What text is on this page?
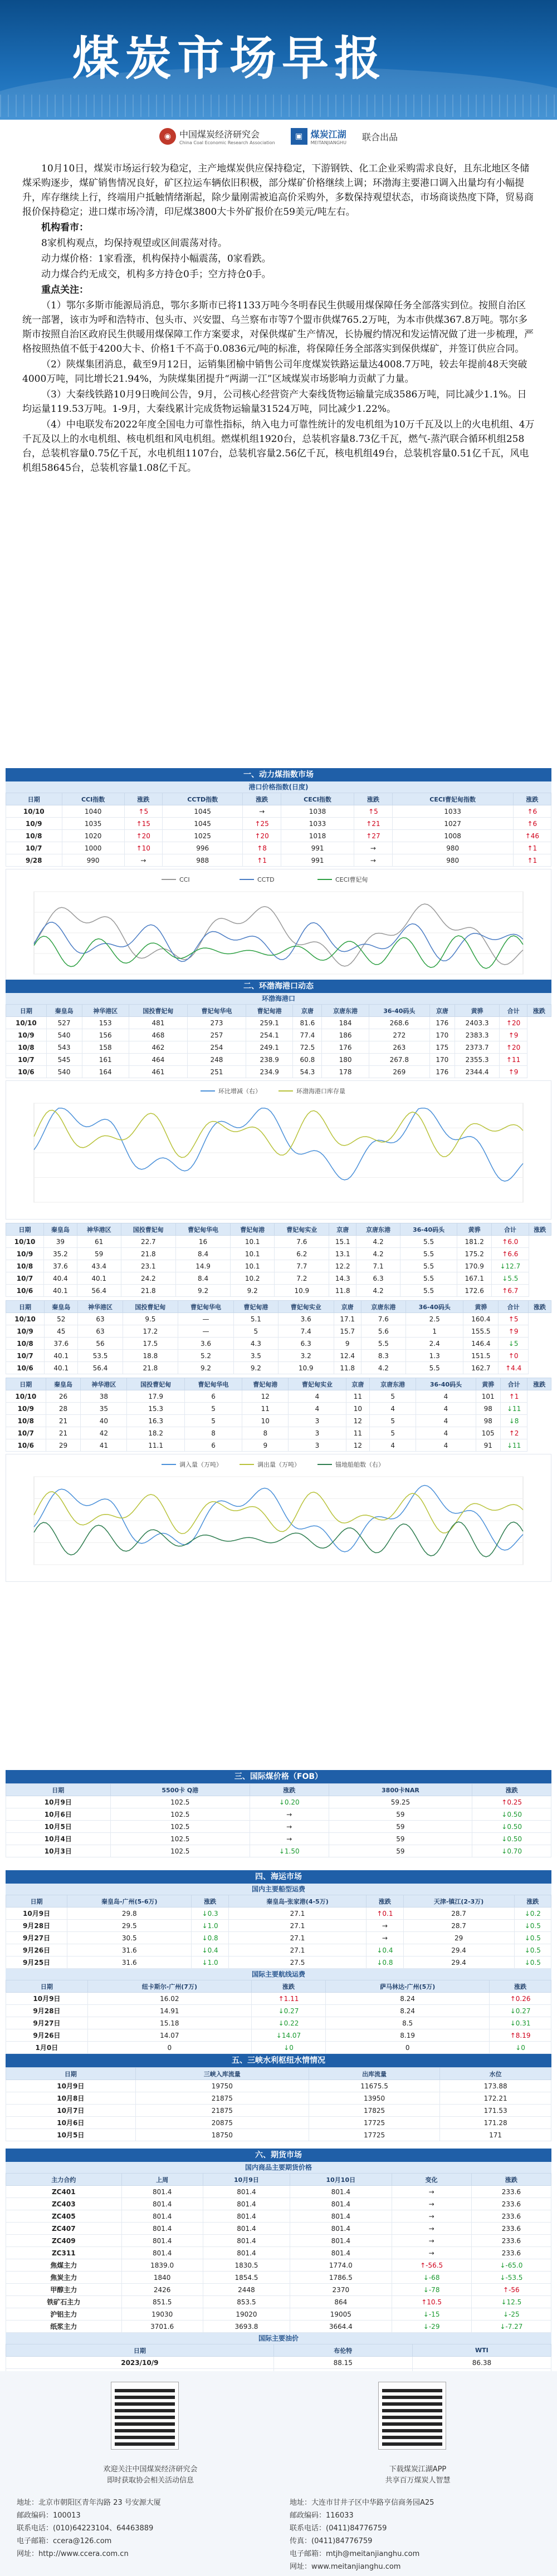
煤炭市场早报
◉ 中国煤炭经济研究会
China Coal Economic Research Association
▣ 煤炭江湖
MEITANJIANGHU
联合出品

10月10日，煤炭市场运行较为稳定，主产地煤炭供应保持稳定，下游钢铁、化工企业采购需求良好，且东北地区冬储煤采购逐步，煤矿销售情况良好，矿区拉运车辆依旧积极，部分煤矿价格继续上调；环渤海主要港口调入出量均有小幅提升，库存继续上行，终端用户抵触情绪渐起，除少量刚需被追高价采购外，多数保持观望状态，市场商谈热度下降，贸易商报价保持稳定；进口煤市场冷清，印尼煤3800大卡外矿报价在59美元/吨左右。

机构看市：

8家机构观点，均保持观望或区间震荡对待。

动力煤价格：1家看涨，机构保持小幅震荡，0家看跌。

动力煤合约无成交，机构多方持仓0手；空方持仓0手。

重点关注：

（1）鄂尔多斯市能源局消息，鄂尔多斯市已将1133万吨今冬明春民生供暖用煤保障任务全部落实到位。按照自治区统一部署，该市为呼和浩特市、包头市、兴安盟、乌兰察布市等7个盟市供煤765.2万吨，为本市供煤367.8万吨。鄂尔多斯市按照自治区政府民生供暖用煤保障工作方案要求，对保供煤矿生产情况，长协履约情况和发运情况做了进一步梳理，严格按照热值不低于4200大卡、价格1千不高于0.0836元/吨的标准，将保障任务全部落实到保供煤矿，并签订供应合同。

（2）陕煤集团消息，截至9月12日，运销集团榆中销售公司年度煤炭铁路运量达4008.7万吨，较去年提前48天突破4000万吨，同比增长21.94%，为陕煤集团提升“两湖一江”区域煤炭市场影响力贡献了力量。

（3）大秦线铁路10月9日晚间公告，9月，公司核心经营资产大秦线货物运输量完成3586万吨，同比减少1.1%。日均运量119.53万吨。1-9月，大秦线累计完成货物运输量31524万吨，同比减少1.22%。

（4）中电联发布2022年度全国电力可靠性指标，纳入电力可靠性统计的发电机组为10万千瓦及以上的火电机组、4万千瓦及以上的水电机组、核电机组和风电机组。燃煤机组1920台，总装机容量8.73亿千瓦，燃气-蒸汽联合循环机组258台，总装机容量0.75亿千瓦，水电机组1107台，总装机容量2.56亿千瓦，核电机组49台，总装机容量0.51亿千瓦，风电机组58645台，总装机容量1.08亿千瓦。

一、动力煤指数市场
港口价格指数(日度)
日期	CCI指数	涨跌	CCTD指数	涨跌	CECI指数	涨跌	CECI曹妃甸指数	涨跌
10/10	1040	↑5	1045	→	1038	↑5	1033	↑6
10/9	1035	↑15	1045	↑25	1033	↑21	1027	↑6
10/8	1020	↑20	1025	↑20	1018	↑27	1008	↑46
10/7	1000	↑10	996	↑8	991	→	980	↑1
9/28	990	→	988	↑1	991	→	980	↑1
CCI	CCTD	CECI曹妃甸
二、环渤海港口动态
环渤海港口
日期	秦皇岛	神华港区	国投曹妃甸	曹妃甸华电	曹妃甸港	京唐	京唐东港	36-40码头	京唐	黄骅	合计	涨跌
10/10	527	153	481	273	259.1	81.6	184	268.6	176	2403.3	↑20	
10/9	540	156	468	257	254.1	77.4	186	272	170	2383.3	↑9	
10/8	543	158	462	254	249.1	72.5	176	263	175	2373.7	↑20	
10/7	545	161	464	248	238.9	60.8	180	267.8	170	2355.3	↑11	
10/6	540	164	461	251	234.9	54.3	178	269	176	2344.4	↑9	
环比增减（右）	环渤海港口库存量
日期	秦皇岛	神华港区	国投曹妃甸	曹妃甸华电	曹妃甸港	曹妃甸实业	京唐	京唐东港	36-40码头	黄骅	合计	涨跌
10/10	39	61	22.7	16	10.1	7.6	15.1	4.2	5.5	181.2	↑6.0	
10/9	35.2	59	21.8	8.4	10.1	6.2	13.1	4.2	5.5	175.2	↑6.6	
10/8	37.6	43.4	23.1	14.9	10.1	7.7	12.2	7.1	5.5	170.9	↓12.7	
10/7	40.4	40.1	24.2	8.4	10.2	7.2	14.3	6.3	5.5	167.1	↓5.5	
10/6	40.1	56.4	21.8	9.2	9.2	10.9	11.8	4.2	5.5	172.6	↑6.7	
日期	秦皇岛	神华港区	国投曹妃甸	曹妃甸华电	曹妃甸港	曹妃甸实业	京唐	京唐东港	36-40码头	黄骅	合计	涨跌
10/10	52	63	9.5	—	5.1	3.6	17.1	7.6	2.5	160.4	↑5	
10/9	45	63	17.2	—	5	7.4	15.7	5.6	1	155.5	↑9	
10/8	37.6	56	17.5	3.6	4.3	6.3	9	5.5	2.4	146.4	↓5	
10/7	40.1	53.5	18.8	5.2	3.5	3.2	12.4	8.3	1.3	151.5	↑0	
10/6	40.1	56.4	21.8	9.2	9.2	10.9	11.8	4.2	5.5	162.7	↑4.4	
日期	秦皇岛	神华港区	国投曹妃甸	曹妃甸华电	曹妃甸港	曹妃甸实业	京唐	京唐东港	36-40码头	黄骅	合计	涨跌
10/10	26	38	17.9	6	12	4	11	5	4	101	↑1	
10/9	28	35	15.3	5	11	4	10	4	4	98	↓11	
10/8	21	40	16.3	5	10	3	12	5	4	98	↓8	
10/7	21	42	18.2	8	8	3	11	5	4	105	↑2	
10/6	29	41	11.1	6	9	3	12	4	4	91	↓11	
调入量（万吨）	调出量（万吨）	锚地船舶数（右）
三、国际煤价格（FOB）
日期	5500卡 Q港	涨跌	3800卡NAR	涨跌
10月9日	102.5	↓0.20	59.25	↑0.25
10月6日	102.5	→	59	↓0.50
10月5日	102.5	→	59	↓0.50
10月4日	102.5	→	59	↓0.50
10月3日	102.5	↓1.50	59	↓0.70
四、海运市场
国内主要船型运费
日期	秦皇岛-广州(5-6万)	涨跌	秦皇岛-张家港(4-5万)	涨跌	天津-镇江(2-3万)	涨跌
10月9日	29.8	↓0.3	27.1	↑0.1	28.7	↓0.2
9月28日	29.5	↓1.0	27.1	→	28.7	↓0.5
9月27日	30.5	↓0.8	27.1	→	29	↓0.5
9月26日	31.6	↓0.4	27.1	↓0.4	29.4	↓0.5
9月25日	31.6	↓1.0	27.5	↓0.8	29.4	↓0.5
国际主要航线运费
日期	纽卡斯尔-广州(7万)	涨跌	萨马林达-广州(5万)	涨跌
10月9日	16.02	↑1.11	8.24	↑0.26
9月28日	14.91	↓0.27	8.24	↓0.27
9月27日	15.18	↓0.22	8.5	↓0.31
9月26日	14.07	↓14.07	8.19	↑8.19
1月0日	0	↓0	0	↓0
五、三峡水利枢纽水情情况
日期	三峡入库流量	出库流量	水位
10月9日	19750	11675.5	173.88
10月8日	21875	13950	172.21
10月7日	21875	17825	171.53
10月6日	20875	17725	171.28
10月5日	18750	17725	171
六、期货市场
国内商品主要期货价格
主力合约	上周	10月9日	10月10日	变化	涨跌
ZC401	801.4	801.4	801.4	→	233.6
ZC403	801.4	801.4	801.4	→	233.6
ZC405	801.4	801.4	801.4	→	233.6
ZC407	801.4	801.4	801.4	→	233.6
ZC409	801.4	801.4	801.4	→	233.6
ZC311	801.4	801.4	801.4	→	233.6
焦煤主力	1839.0	1830.5	1774.0	↑-56.5	↓-65.0
焦炭主力	1840	1854.5	1786.5	↓-68	↓-53.5
甲醇主力	2426	2448	2370	↓-78	↑-56
铁矿石主力	851.5	853.5	864	↑10.5	↓12.5
沪铝主力	19030	19020	19005	↓-15	↓-25
纸浆主力	3701.6	3693.8	3664.4	↓-29	↓-7.27
国际主要油价
日期	布伦特	WTI
2023/10/9	88.15	86.38

欢迎关注中国煤炭经济研究会
即时获取协会相关活动信息
下载煤炭江湖APP
共享百万煤炭人智慧
地址：北京市朝阳区青年沟路 23 号安源大厦
邮政编码：100013
联系电话：(010)64223104、64463889
电子邮箱：ccera@126.com
网址：http://www.ccera.com.cn
地址：大连市甘井子区中华路亨信商务园A25
邮政编码：116033
联系电话：(0411)84776759
传真：(0411)84776759
电子邮箱：mtjh@meitanjianghu.com
网址：www.meitanjianghu.com
